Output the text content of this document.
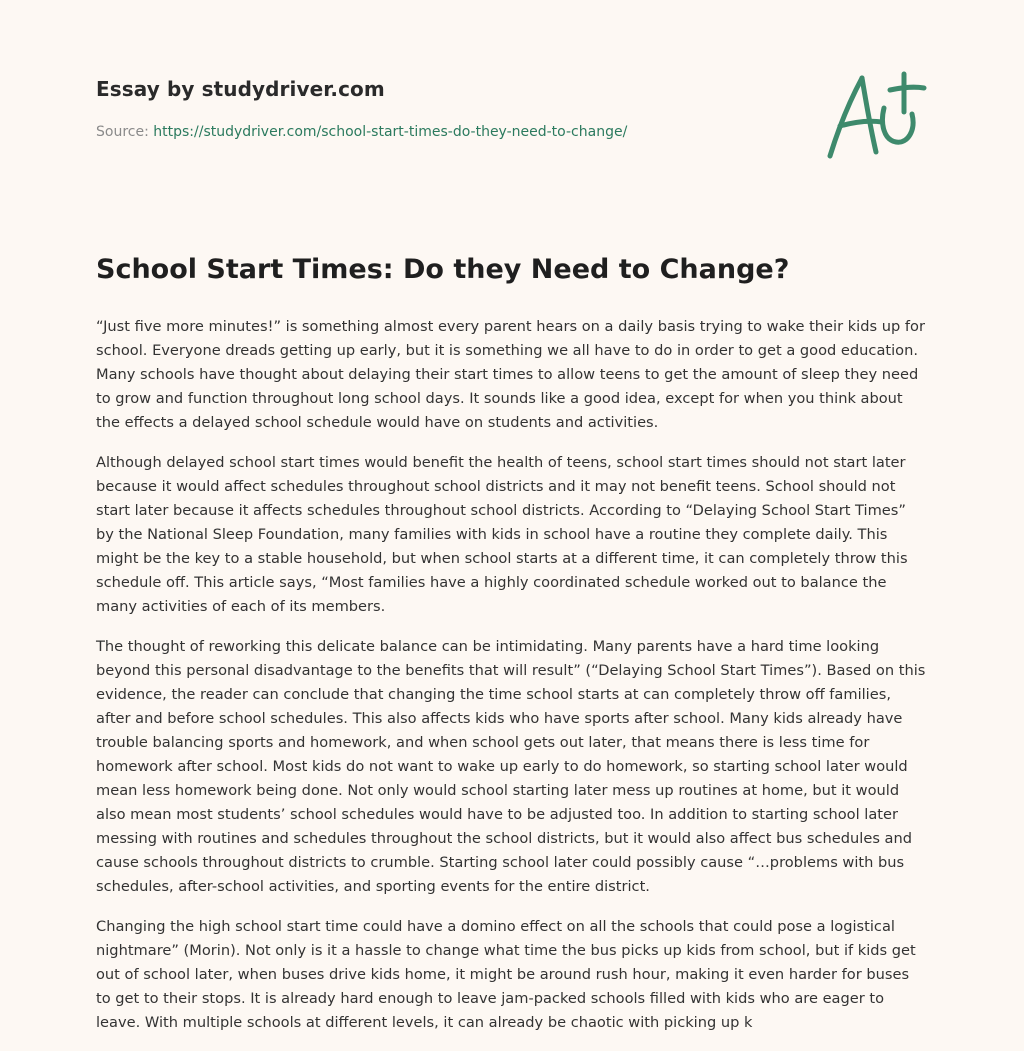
Essay by studydriver.com
Source: https://studydriver.com/school-start-times-do-they-need-to-change/
School Start Times: Do they Need to Change?

“Just five more minutes!” is something almost every parent hears on a daily basis trying to wake their kids up for school. Everyone dreads getting up early, but it is something we all have to do in order to get a good education. Many schools have thought about delaying their start times to allow teens to get the amount of sleep they need to grow and function throughout long school days. It sounds like a good idea, except for when you think about the effects a delayed school schedule would have on students and activities.

Although delayed school start times would benefit the health of teens, school start times should not start later because it would affect schedules throughout school districts and it may not benefit teens. School should not start later because it affects schedules throughout school districts. According to “Delaying School Start Times” by the National Sleep Foundation, many families with kids in school have a routine they complete daily. This might be the key to a stable household, but when school starts at a different time, it can completely throw this schedule off. This article says, “Most families have a highly coordinated schedule worked out to balance the many activities of each of its members.

The thought of reworking this delicate balance can be intimidating. Many parents have a hard time looking beyond this personal disadvantage to the benefits that will result” (“Delaying School Start Times”). Based on this evidence, the reader can conclude that changing the time school starts at can completely throw off families, after and before school schedules. This also affects kids who have sports after school. Many kids already have trouble balancing sports and homework, and when school gets out later, that means there is less time for homework after school. Most kids do not want to wake up early to do homework, so starting school later would mean less homework being done. Not only would school starting later mess up routines at home, but it would also mean most students’ school schedules would have to be adjusted too. In addition to starting school later messing with routines and schedules throughout the school districts, but it would also affect bus schedules and cause schools throughout districts to crumble. Starting school later could possibly cause “…problems with bus schedules, after-school activities, and sporting events for the entire district.

Changing the high school start time could have a domino effect on all the schools that could pose a logistical nightmare” (Morin). Not only is it a hassle to change what time the bus picks up kids from school, but if kids get out of school later, when buses drive kids home, it might be around rush hour, making it even harder for buses to get to their stops. It is already hard enough to leave jam-packed schools filled with kids who are eager to leave. With multiple schools at different levels, it can already be chaotic with picking up k
